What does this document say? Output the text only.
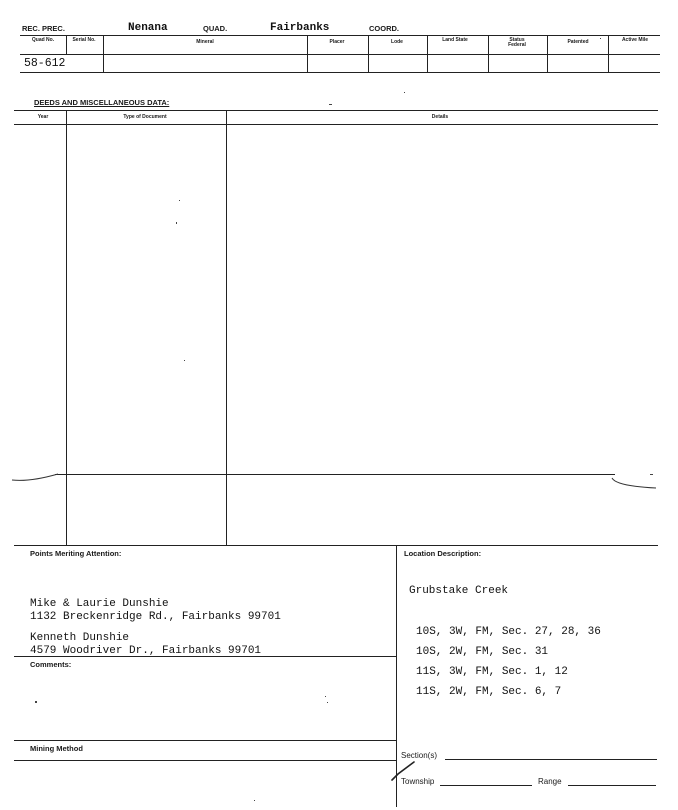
REC. PREC.	Nenana	QUAD.	Fairbanks	COORD.
Quad No.	Serial No.	Mineral	Placer	Lode	Land State	Status Federal	Patented	Active Mile
58-612
DEEDS AND MISCELLANEOUS DATA:
Year	Type of Document	Details
Points Meriting Attention:
Mike & Laurie Dunshie
1132 Breckenridge Rd., Fairbanks 99701
Kenneth Dunshie
4579 Woodriver Dr., Fairbanks 99701
Comments:
Mining Method
Location Description:
Grubstake Creek
10S, 3W, FM, Sec. 27, 28, 36
10S, 2W, FM, Sec. 31
11S, 3W, FM, Sec. 1, 12
11S, 2W, FM, Sec. 6, 7
Section(s)
Township	Range
